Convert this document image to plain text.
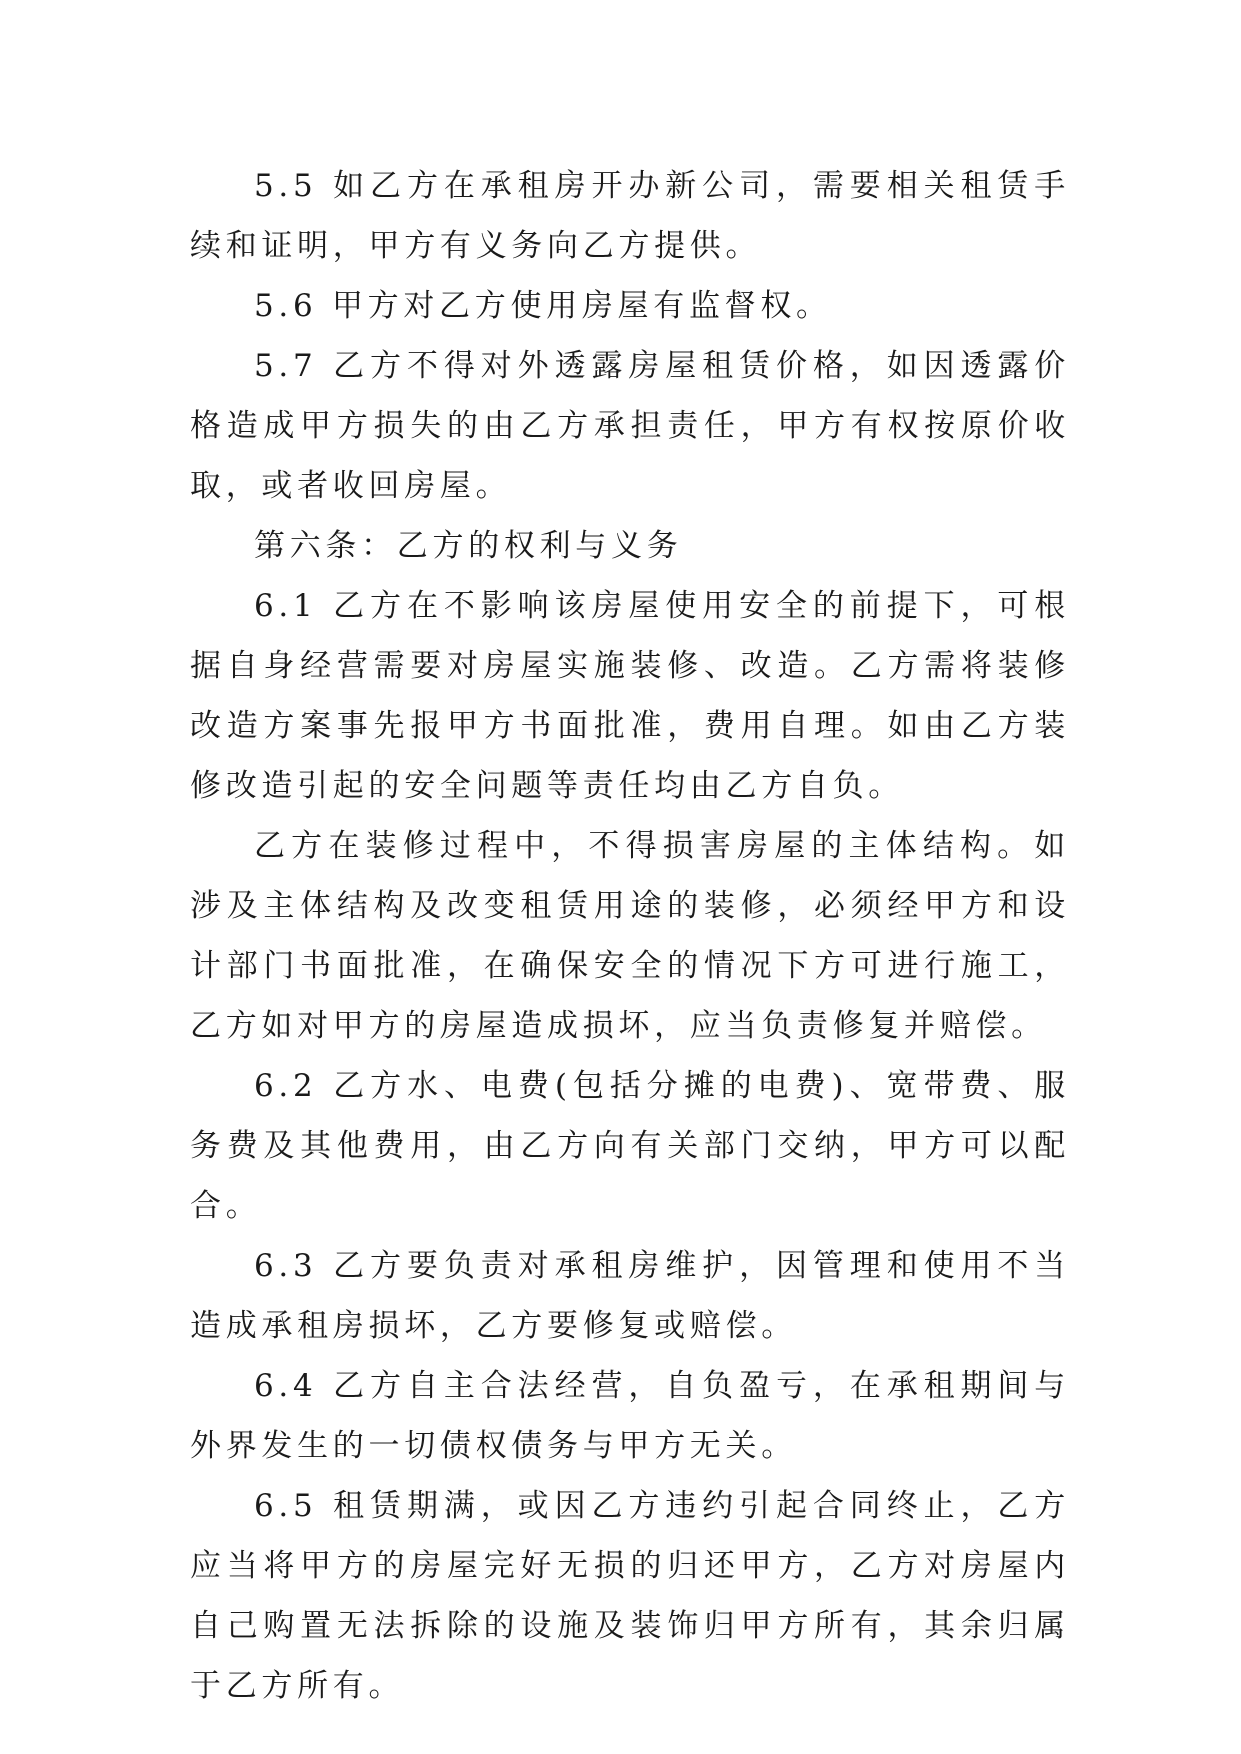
5.5 如乙方在承租房开办新公司，需要相关租赁手续和证明，甲方有义务向乙方提供。

5.6 甲方对乙方使用房屋有监督权。

5.7 乙方不得对外透露房屋租赁价格，如因透露价格造成甲方损失的由乙方承担责任，甲方有权按原价收取，或者收回房屋。

第六条：乙方的权利与义务

6.1 乙方在不影响该房屋使用安全的前提下，可根据自身经营需要对房屋实施装修、改造。乙方需将装修改造方案事先报甲方书面批准，费用自理。如由乙方装修改造引起的安全问题等责任均由乙方自负。

乙方在装修过程中，不得损害房屋的主体结构。如涉及主体结构及改变租赁用途的装修，必须经甲方和设计部门书面批准，在确保安全的情况下方可进行施工，乙方如对甲方的房屋造成损坏，应当负责修复并赔偿。

6.2 乙方水、电费(包括分摊的电费)、宽带费、服务费及其他费用，由乙方向有关部门交纳，甲方可以配合。

6.3 乙方要负责对承租房维护，因管理和使用不当造成承租房损坏，乙方要修复或赔偿。

6.4 乙方自主合法经营，自负盈亏，在承租期间与外界发生的一切债权债务与甲方无关。

6.5 租赁期满，或因乙方违约引起合同终止，乙方应当将甲方的房屋完好无损的归还甲方，乙方对房屋内自己购置无法拆除的设施及装饰归甲方所有，其余归属于乙方所有。
